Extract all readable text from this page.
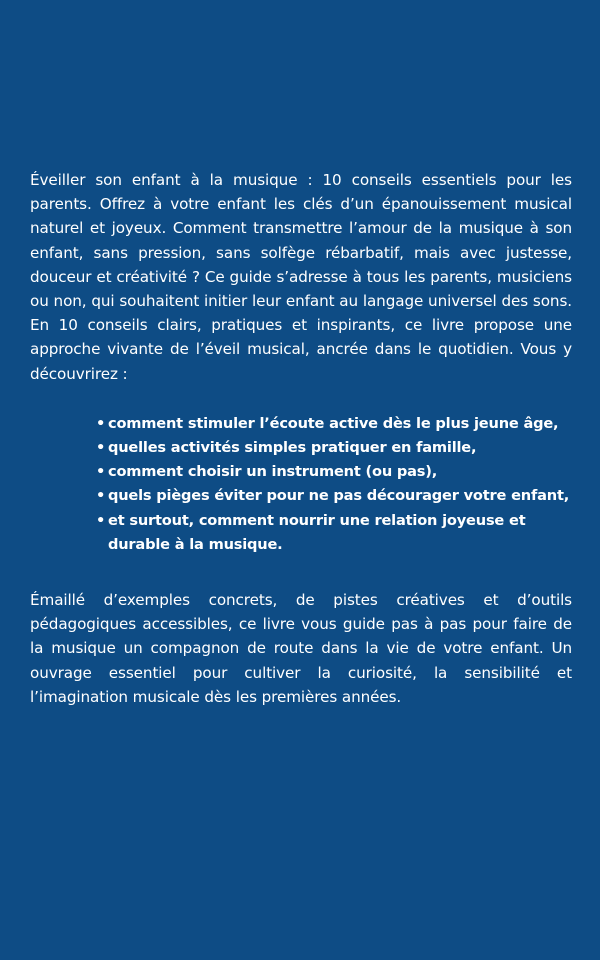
Éveiller son enfant à la musique : 10 conseils essentiels pour les parents. Offrez à votre enfant les clés d’un épanouissement musical naturel et joyeux. Comment transmettre l’amour de la musique à son enfant, sans pression, sans solfège rébarbatif, mais avec justesse, douceur et créativité ? Ce guide s’adresse à tous les parents, musiciens ou non, qui souhaitent initier leur enfant au langage universel des sons. En 10 conseils clairs, pratiques et inspirants, ce livre propose une approche vivante de l’éveil musical, ancrée dans le quotidien. Vous y découvrirez :

• comment stimuler l’écoute active dès le plus jeune âge,
• quelles activités simples pratiquer en famille,
• comment choisir un instrument (ou pas),
• quels pièges éviter pour ne pas décourager votre enfant,
• et surtout, comment nourrir une relation joyeuse et durable à la musique.

Émaillé d’exemples concrets, de pistes créatives et d’outils pédagogiques accessibles, ce livre vous guide pas à pas pour faire de la musique un compagnon de route dans la vie de votre enfant. Un ouvrage essentiel pour cultiver la curiosité, la sensibilité et l’imagination musicale dès les premières années.
